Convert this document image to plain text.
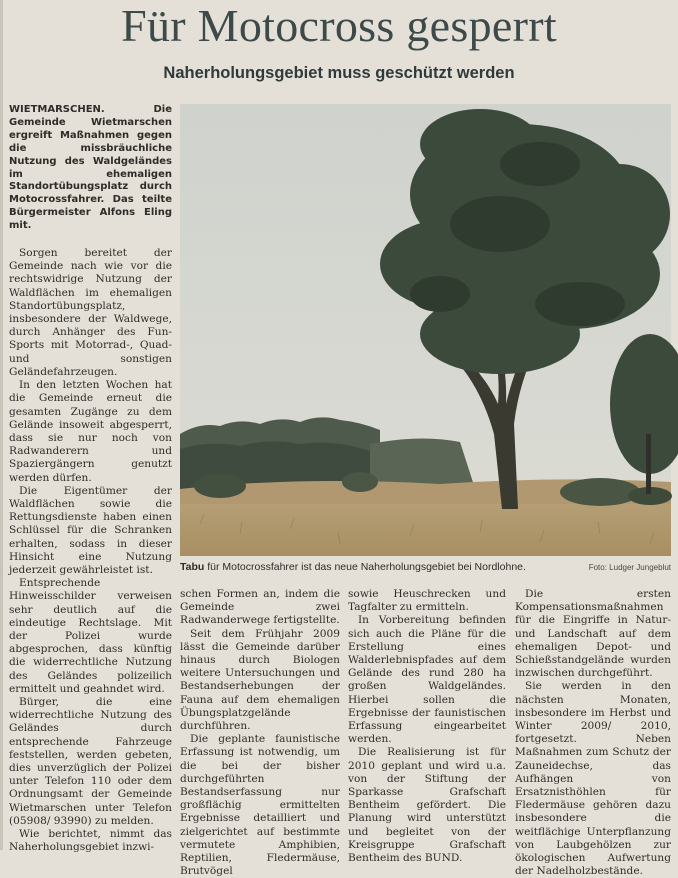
Für Motocross gesperrt
Naherholungsgebiet muss geschützt werden

WIETMARSCHEN. Die Gemeinde Wietmarschen ergreift Maßnahmen gegen die missbräuchliche Nutzung des Waldgeländes im ehemaligen Standortübungsplatz durch Motocrossfahrer. Das teilte Bürgermeister Alfons Eling mit.

Sorgen bereitet der Gemeinde nach wie vor die rechtswidrige Nutzung der Waldflächen im ehemaligen Standortübungsplatz, insbesondere der Waldwege, durch Anhänger des Fun-Sports mit Motorrad-, Quad- und sonstigen Geländefahrzeugen.

In den letzten Wochen hat die Gemeinde erneut die gesamten Zugänge zu dem Gelände insoweit abgesperrt, dass sie nur noch von Radwanderern und Spaziergängern genutzt werden dürfen.

Die Eigentümer der Waldflächen sowie die Rettungsdienste haben einen Schlüssel für die Schranken erhalten, sodass in dieser Hinsicht eine Nutzung jederzeit gewährleistet ist.

Entsprechende Hinweisschilder verweisen sehr deutlich auf die eindeutige Rechtslage. Mit der Polizei wurde abgesprochen, dass künftig die widerrechtliche Nutzung des Geländes polizeilich ermittelt und geahndet wird.

Bürger, die eine widerrechtliche Nutzung des Geländes durch entsprechende Fahrzeuge feststellen, werden gebeten, dies unverzüglich der Polizei unter Telefon 110 oder dem Ordnungsamt der Gemeinde Wietmarschen unter Telefon (05908/ 93990) zu melden.

Wie berichtet, nimmt das Naherholungsgebiet inzwi-

Tabu für Motocrossfahrer ist das neue Naherholungsgebiet bei Nordlohne.	Foto: Ludger Jungeblut

schen Formen an, indem die Gemeinde zwei Radwanderwege fertigstellte.

Seit dem Frühjahr 2009 lässt die Gemeinde darüber hinaus durch Biologen weitere Untersuchungen und Bestandserhebungen der Fauna auf dem ehemaligen Übungsplatzgelände durchführen.

Die geplante faunistische Erfassung ist notwendig, um die bei der bisher durchgeführten Bestandserfassung nur großflächig ermittelten Ergebnisse detailliert und zielgerichtet auf bestimmte vermutete Amphibien, Reptilien, Fledermäuse, Brutvögel

sowie Heuschrecken und Tagfalter zu ermitteln.

In Vorbereitung befinden sich auch die Pläne für die Erstellung eines Walderlebnispfades auf dem Gelände des rund 280 ha großen Waldgeländes. Hierbei sollen die Ergebnisse der faunistischen Erfassung eingearbeitet werden.

Die Realisierung ist für 2010 geplant und wird u.a. von der Stiftung der Sparkasse Grafschaft Bentheim gefördert. Die Planung wird unterstützt und begleitet von der Kreisgruppe Grafschaft Bentheim des BUND.

Die ersten Kompensationsmaßnahmen für die Eingriffe in Natur- und Landschaft auf dem ehemaligen Depot- und Schießstandgelände wurden inzwischen durchgeführt.

Sie werden in den nächsten Monaten, insbesondere im Herbst und Winter 2009/ 2010, fortgesetzt. Neben Maßnahmen zum Schutz der Zauneidechse, das Aufhängen von Ersatznisthöhlen für Fledermäuse gehören dazu insbesondere die weitflächige Unterpflanzung von Laubgehölzen zur ökologischen Aufwertung der Nadelholzbestände.
